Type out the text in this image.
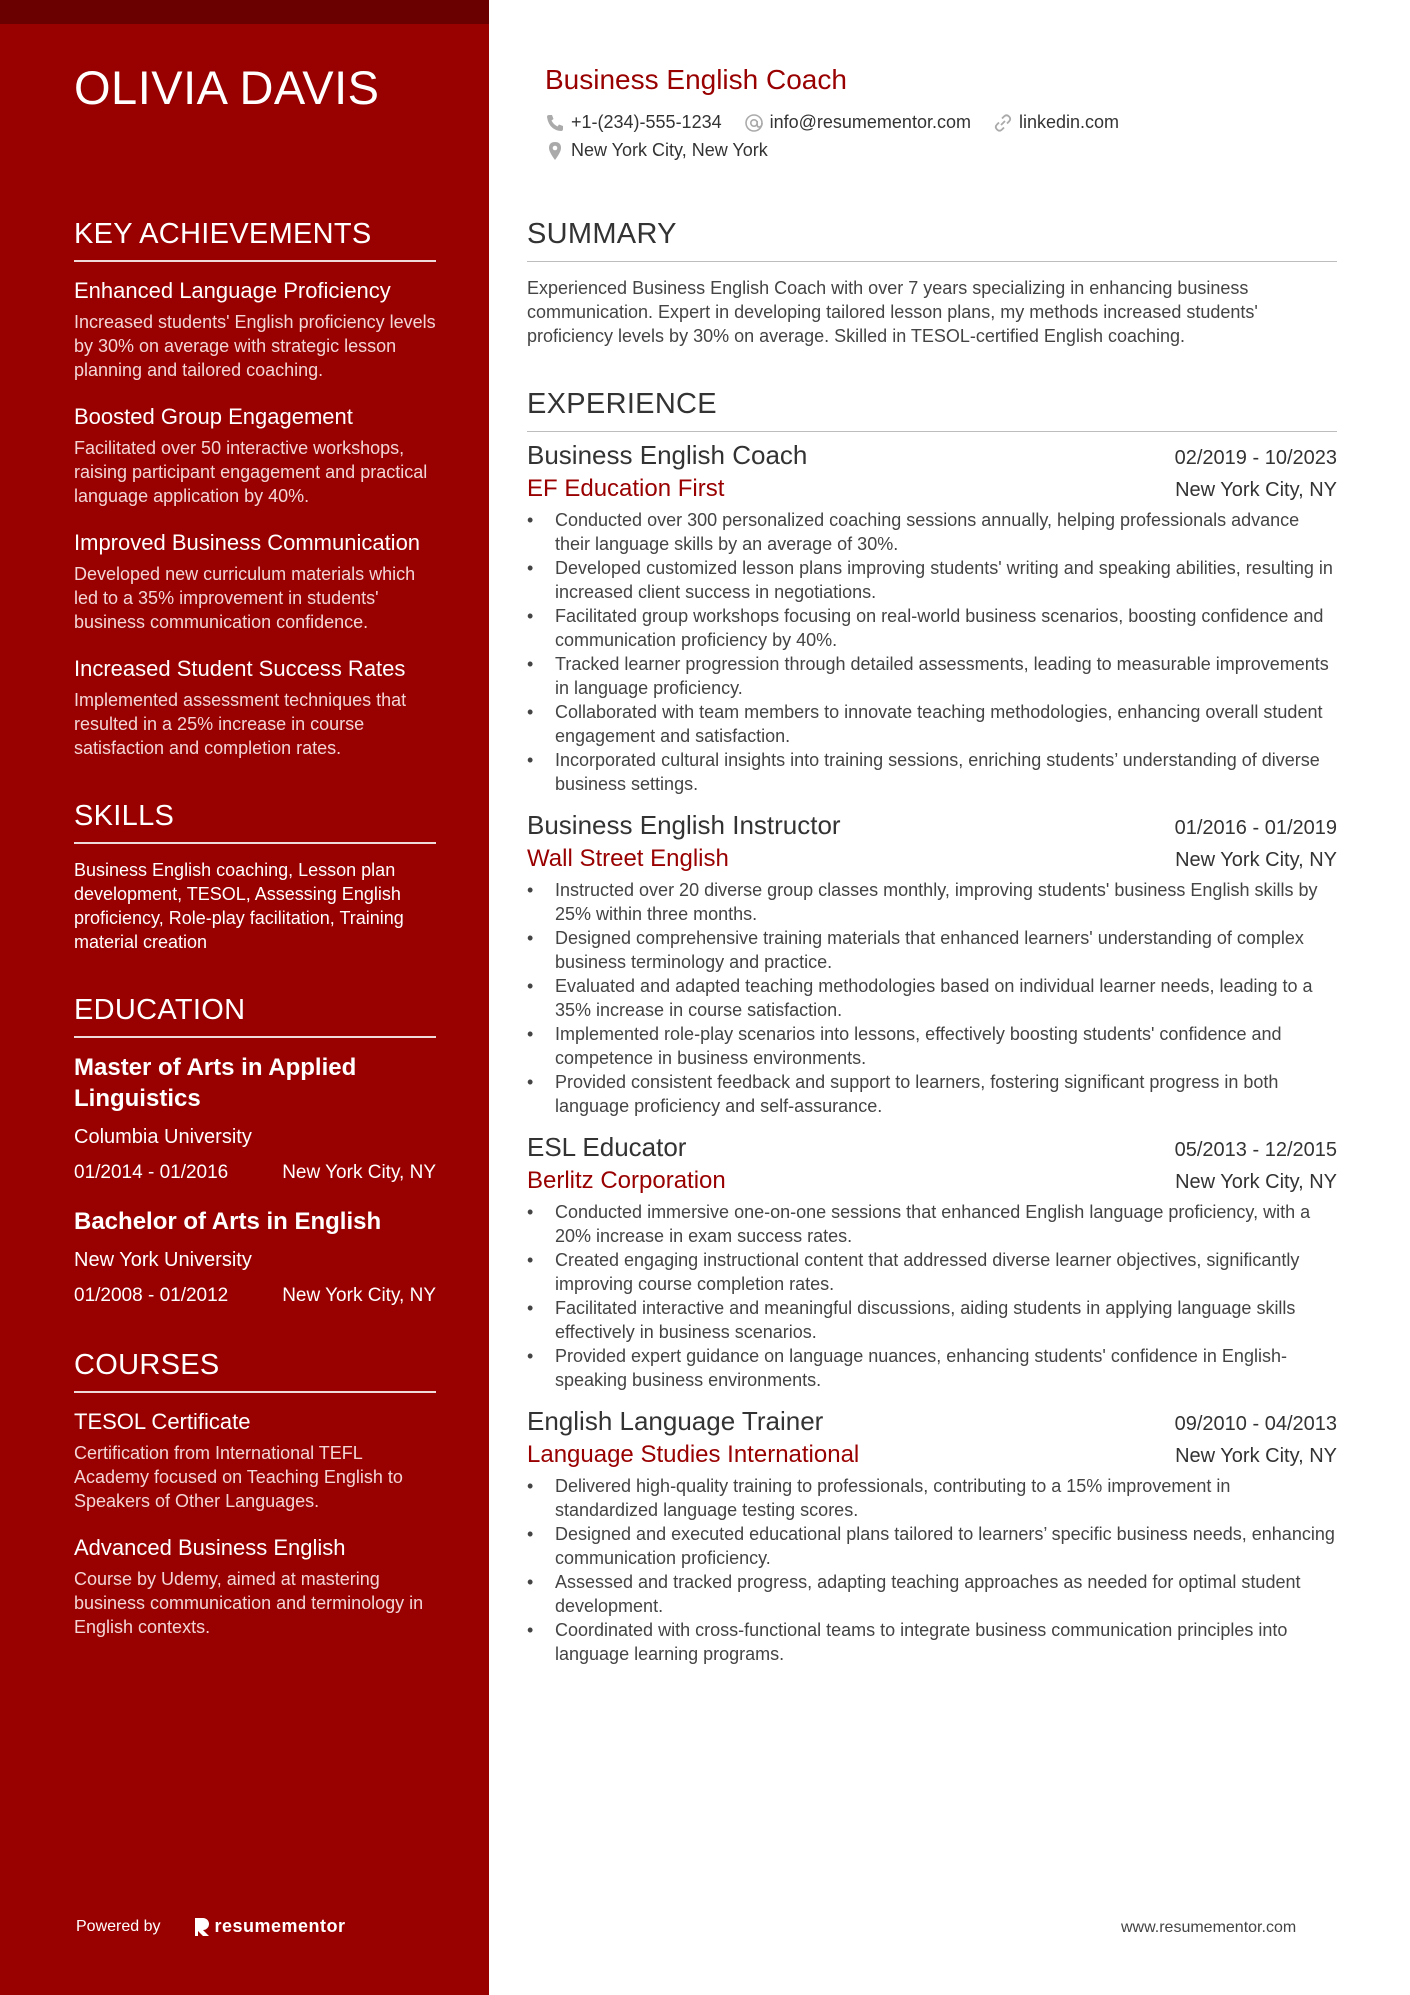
OLIVIA DAVIS
KEY ACHIEVEMENTS
Enhanced Language Proficiency
Increased students' English proficiency levels by 30% on average with strategic lesson planning and tailored coaching.
Boosted Group Engagement
Facilitated over 50 interactive workshops, raising participant engagement and practical language application by 40%.
Improved Business Communication
Developed new curriculum materials which led to a 35% improvement in students' business communication confidence.
Increased Student Success Rates
Implemented assessment techniques that resulted in a 25% increase in course satisfaction and completion rates.
SKILLS

Business English coaching, Lesson plan development, TESOL, Assessing English proficiency, Role-play facilitation, Training material creation

EDUCATION
Master of Arts in Applied Linguistics
Columbia University
01/2014 - 01/2016	New York City, NY
Bachelor of Arts in English
New York University
01/2008 - 01/2012	New York City, NY
COURSES
TESOL Certificate
Certification from International TEFL Academy focused on Teaching English to Speakers of Other Languages.
Advanced Business English
Course by Udemy, aimed at mastering business communication and terminology in English contexts.
Powered by	resumementor
Business English Coach
+1-(234)-555-1234	info@resumementor.com	linkedin.com
New York City, New York
SUMMARY

Experienced Business English Coach with over 7 years specializing in enhancing business communication. Expert in developing tailored lesson plans, my methods increased students' proficiency levels by 30% on average. Skilled in TESOL-certified English coaching.

EXPERIENCE
Business English Coach	02/2019 - 10/2023
EF Education First	New York City, NY
• Conducted over 300 personalized coaching sessions annually, helping professionals advance their language skills by an average of 30%.
• Developed customized lesson plans improving students' writing and speaking abilities, resulting in increased client success in negotiations.
• Facilitated group workshops focusing on real-world business scenarios, boosting confidence and communication proficiency by 40%.
• Tracked learner progression through detailed assessments, leading to measurable improvements in language proficiency.
• Collaborated with team members to innovate teaching methodologies, enhancing overall student engagement and satisfaction.
• Incorporated cultural insights into training sessions, enriching students’ understanding of diverse business settings.
Business English Instructor	01/2016 - 01/2019
Wall Street English	New York City, NY
• Instructed over 20 diverse group classes monthly, improving students' business English skills by 25% within three months.
• Designed comprehensive training materials that enhanced learners' understanding of complex business terminology and practice.
• Evaluated and adapted teaching methodologies based on individual learner needs, leading to a 35% increase in course satisfaction.
• Implemented role-play scenarios into lessons, effectively boosting students' confidence and competence in business environments.
• Provided consistent feedback and support to learners, fostering significant progress in both language proficiency and self-assurance.
ESL Educator	05/2013 - 12/2015
Berlitz Corporation	New York City, NY
• Conducted immersive one-on-one sessions that enhanced English language proficiency, with a 20% increase in exam success rates.
• Created engaging instructional content that addressed diverse learner objectives, significantly improving course completion rates.
• Facilitated interactive and meaningful discussions, aiding students in applying language skills effectively in business scenarios.
• Provided expert guidance on language nuances, enhancing students' confidence in English-speaking business environments.
English Language Trainer	09/2010 - 04/2013
Language Studies International	New York City, NY
• Delivered high-quality training to professionals, contributing to a 15% improvement in standardized language testing scores.
• Designed and executed educational plans tailored to learners’ specific business needs, enhancing communication proficiency.
• Assessed and tracked progress, adapting teaching approaches as needed for optimal student development.
• Coordinated with cross-functional teams to integrate business communication principles into language learning programs.
www.resumementor.com
